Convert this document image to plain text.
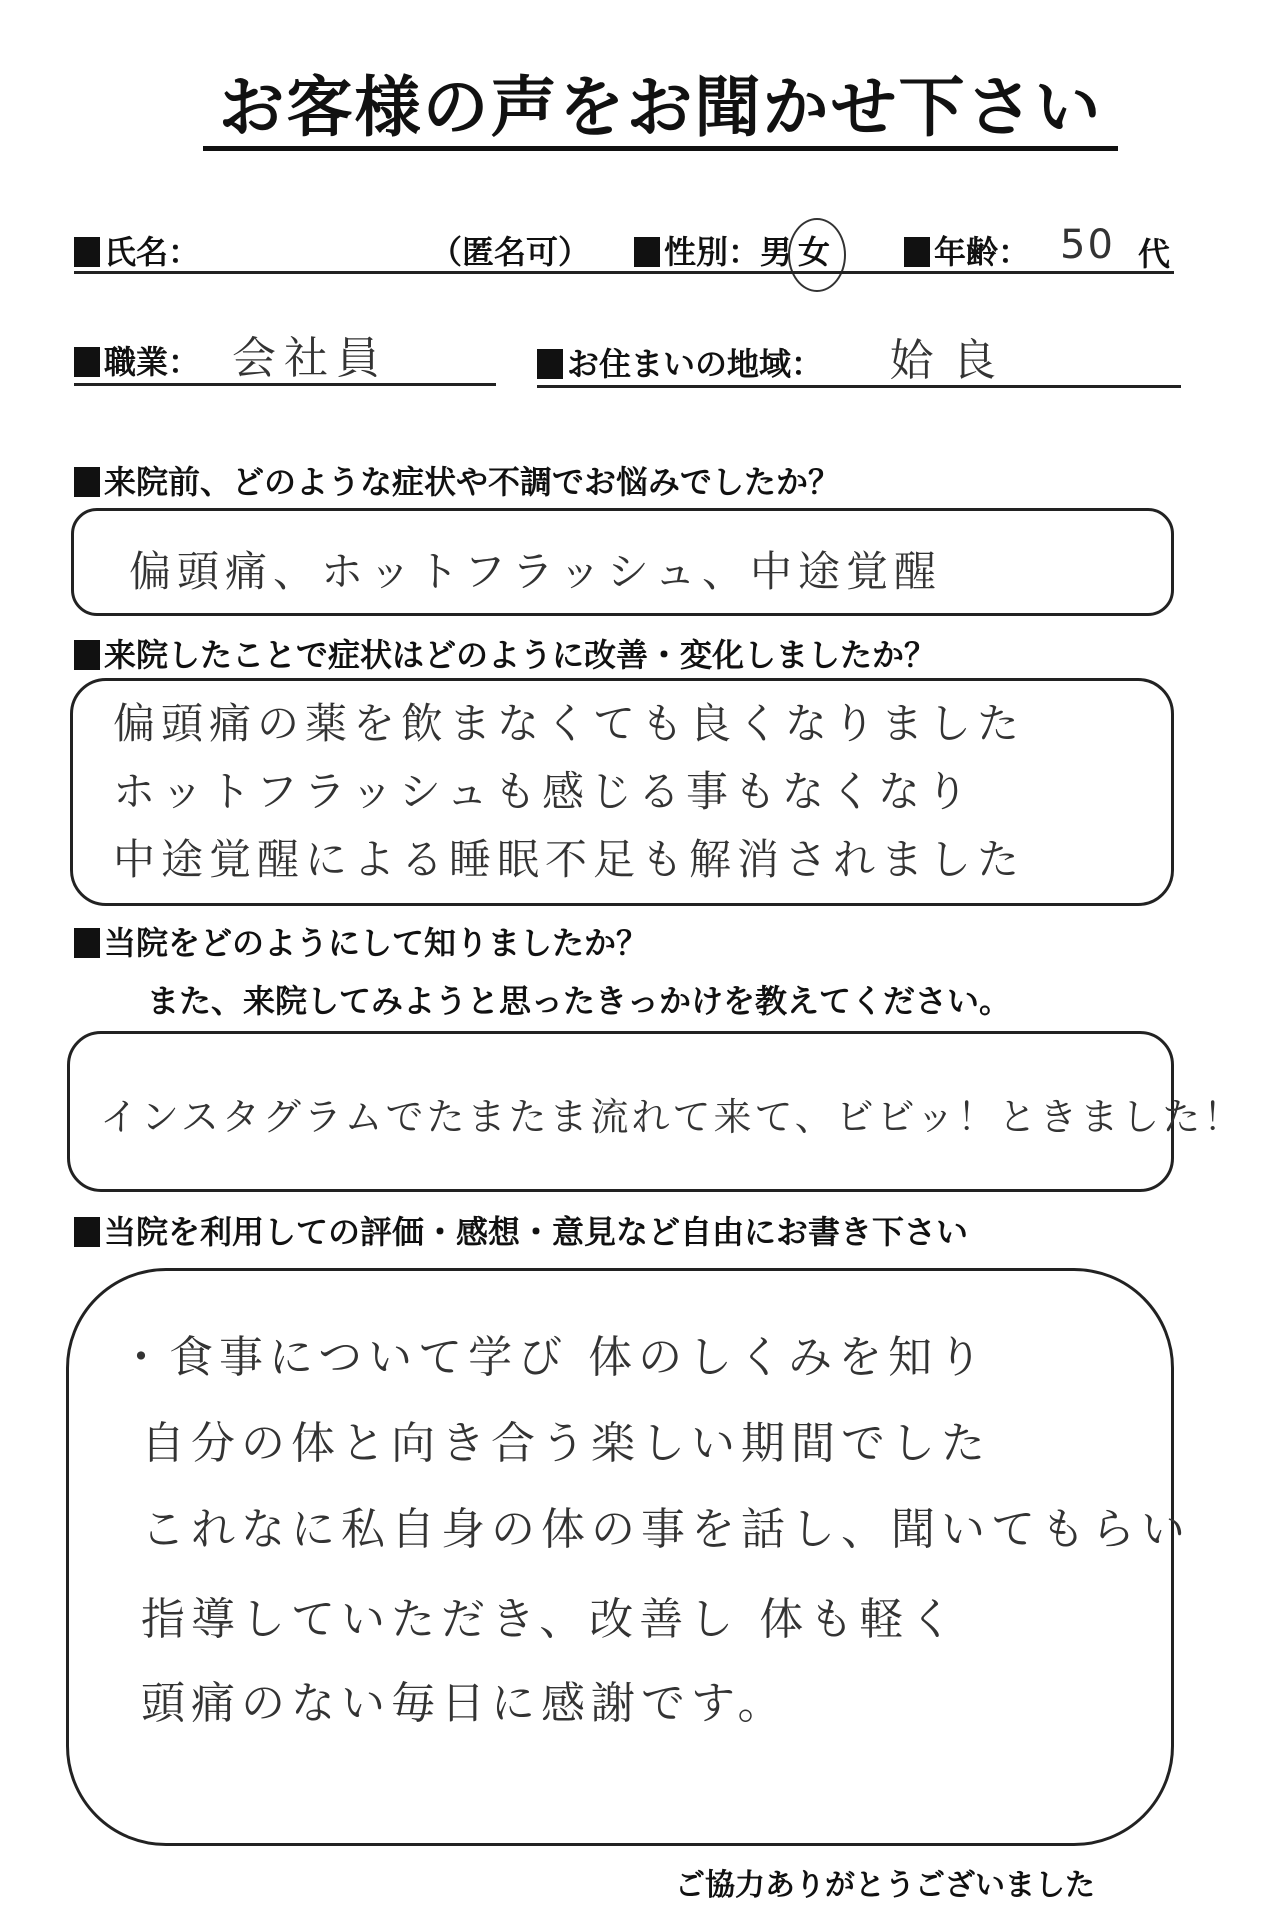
お客様の声をお聞かせ下さい
氏名：	（匿名可）	性別：男 女	年齢： 50 代
職業： 会社員	お住まいの地域： 姶良
来院前、どのような症状や不調でお悩みでしたか？
偏頭痛、ホットフラッシュ、中途覚醒
来院したことで症状はどのように改善・変化しましたか？
偏頭痛の薬を飲まなくても良くなりました
ホットフラッシュも感じる事もなくなり
中途覚醒による睡眠不足も解消されました
当院をどのようにして知りましたか？
また、来院してみようと思ったきっかけを教えてください。
インスタグラムでたまたま流れて来て、ビビッ！ときました！
当院を利用しての評価・感想・意見など自由にお書き下さい
・食事について学び 体のしくみを知り
自分の体と向き合う楽しい期間でした
これなに私自身の体の事を話し、聞いてもらい
指導していただき、改善し 体も軽く
頭痛のない毎日に感謝です。
ご協力ありがとうございました
